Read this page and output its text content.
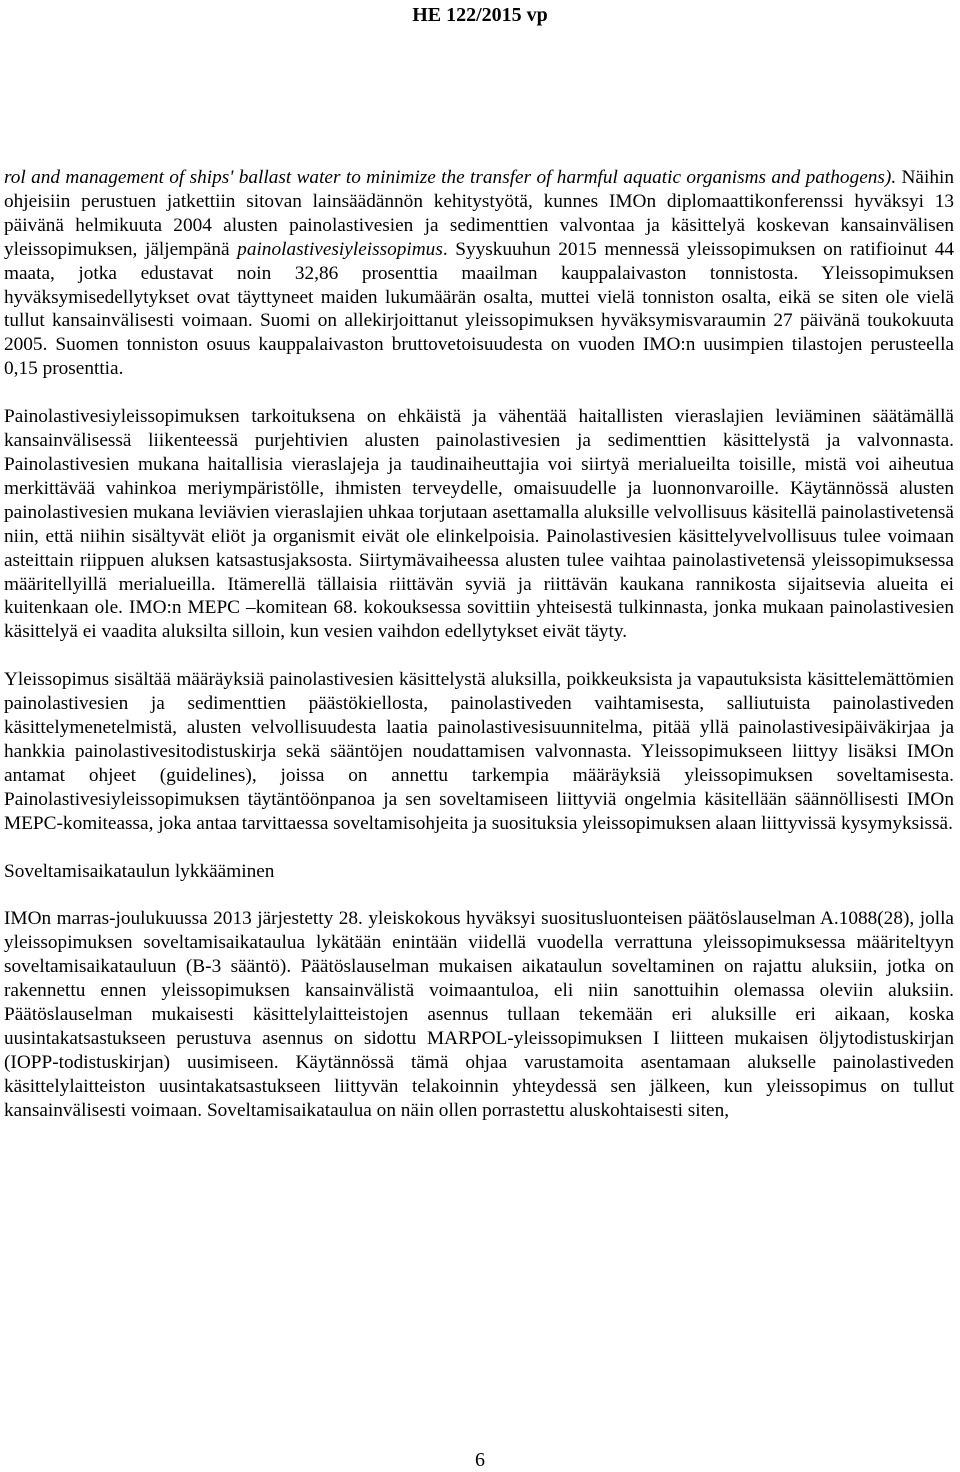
HE 122/2015 vp

rol and management of ships' ballast water to minimize the transfer of harmful aquatic organisms and pathogens). Näihin ohjeisiin perustuen jatkettiin sitovan lainsäädännön kehitystyötä, kunnes IMOn diplomaattikonferenssi hyväksyi 13 päivänä helmikuuta 2004 alusten painolastivesien ja sedimenttien valvontaa ja käsittelyä koskevan kansainvälisen yleissopimuksen, jäljempänä painolastivesiyleissopimus. Syyskuuhun 2015 mennessä yleissopimuksen on ratifioinut 44 maata, jotka edustavat noin 32,86 prosenttia maailman kauppalaivaston tonnistosta. Yleissopimuksen hyväksymisedellytykset ovat täyttyneet maiden lukumäärän osalta, muttei vielä tonniston osalta, eikä se siten ole vielä tullut kansainvälisesti voimaan. Suomi on allekirjoittanut yleissopimuksen hyväksymisvaraumin 27 päivänä toukokuuta 2005. Suomen tonniston osuus kauppalaivaston bruttovetoisuudesta on vuoden IMO:n uusimpien tilastojen perusteella 0,15 prosenttia.

Painolastivesiyleissopimuksen tarkoituksena on ehkäistä ja vähentää haitallisten vieraslajien leviäminen säätämällä kansainvälisessä liikenteessä purjehtivien alusten painolastivesien ja sedimenttien käsittelystä ja valvonnasta. Painolastivesien mukana haitallisia vieraslajeja ja taudinaiheuttajia voi siirtyä merialueilta toisille, mistä voi aiheutua merkittävää vahinkoa meriympäristölle, ihmisten terveydelle, omaisuudelle ja luonnonvaroille. Käytännössä alusten painolastivesien mukana leviävien vieraslajien uhkaa torjutaan asettamalla aluksille velvollisuus käsitellä painolastivetensä niin, että niihin sisältyvät eliöt ja organismit eivät ole elinkelpoisia. Painolastivesien käsittelyvelvollisuus tulee voimaan asteittain riippuen aluksen katsastusjaksosta. Siirtymävaiheessa alusten tulee vaihtaa painolastivetensä yleissopimuksessa määritellyillä merialueilla. Itämerellä tällaisia riittävän syviä ja riittävän kaukana rannikosta sijaitsevia alueita ei kuitenkaan ole. IMO:n MEPC –komitean 68. kokouksessa sovittiin yhteisestä tulkinnasta, jonka mukaan painolastivesien käsittelyä ei vaadita aluksilta silloin, kun vesien vaihdon edellytykset eivät täyty.

Yleissopimus sisältää määräyksiä painolastivesien käsittelystä aluksilla, poikkeuksista ja vapautuksista käsittelemättömien painolastivesien ja sedimenttien päästökiellosta, painolastiveden vaihtamisesta, salliutuista painolastiveden käsittelymenetelmistä, alusten velvollisuudesta laatia painolastivesisuunnitelma, pitää yllä painolastivesipäiväkirjaa ja hankkia painolastivesitodistuskirja sekä sääntöjen noudattamisen valvonnasta. Yleissopimukseen liittyy lisäksi IMOn antamat ohjeet (guidelines), joissa on annettu tarkempia määräyksiä yleissopimuksen soveltamisesta. Painolastivesiyleissopimuksen täytäntöönpanoa ja sen soveltamiseen liittyviä ongelmia käsitellään säännöllisesti IMOn MEPC-komiteassa, joka antaa tarvittaessa soveltamisohjeita ja suosituksia yleissopimuksen alaan liittyvissä kysymyksissä.

Soveltamisaikataulun lykkääminen

IMOn marras-joulukuussa 2013 järjestetty 28. yleiskokous hyväksyi suositusluonteisen päätöslauselman A.1088(28), jolla yleissopimuksen soveltamisaikataulua lykätään enintään viidellä vuodella verrattuna yleissopimuksessa määriteltyyn soveltamisaikatauluun (B-3 sääntö). Päätöslauselman mukaisen aikataulun soveltaminen on rajattu aluksiin, jotka on rakennettu ennen yleissopimuksen kansainvälistä voimaantuloa, eli niin sanottuihin olemassa oleviin aluksiin. Päätöslauselman mukaisesti käsittelylaitteistojen asennus tullaan tekemään eri aluksille eri aikaan, koska uusintakatsastukseen perustuva asennus on sidottu MARPOL-yleissopimuksen I liitteen mukaisen öljytodistuskirjan (IOPP-todistuskirjan) uusimiseen. Käytännössä tämä ohjaa varustamoita asentamaan alukselle painolastiveden käsittelylaitteiston uusintakatsastukseen liittyvän telakoinnin yhteydessä sen jälkeen, kun yleissopimus on tullut kansainvälisesti voimaan. Soveltamisaikataulua on näin ollen porrastettu aluskohtaisesti siten,

6
